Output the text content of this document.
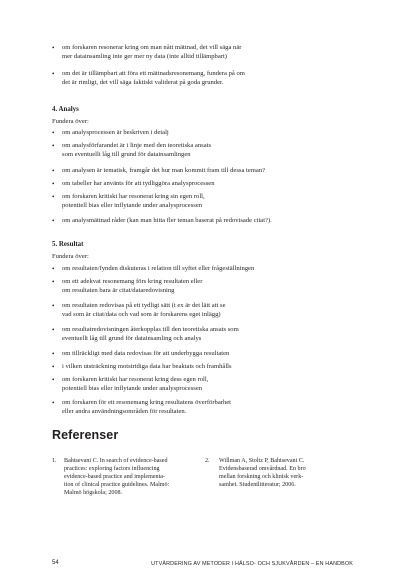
• om forskaren resonerar kring om man nått mättnad, det vill säga när
mer datainsamling inte ger mer ny data (inte alltid tillämpbart)
• om det är tillämpbart att föra ett mättnadsresonemang, fundera på om
det är rimligt, det vill säga faktiskt validerat på goda grunder.
4. Analys
Fundera över:
• om analysprocessen är beskriven i detalj
• om analysförfarandet är i linje med den teoretiska ansats
som eventuellt låg till grund för datainsamlingen
• om analysen är tematisk, framgår det hur man kommit fram till dessa teman?
• om tabeller har använts för att tydliggöra analysprocessen
• om forskaren kritiskt har resonerat kring sin egen roll,
potentiell bias eller inflytande under analysprocessen
• om analysmättnad råder (kan man hitta fler teman baserat på redovisade citat?).
5. Resultat
Fundera över:
• om resultaten/fynden diskuteras i relation till syftet eller frågeställningen
• om ett adekvat resonemang förs kring resultaten eller
om resultaten bara är citat/dataredovisning
• om resultaten redovisas på ett tydligt sätt (t ex är det lätt att se
vad som är citat/data och vad som är forskarens eget inlägg)
• om resultatredovisningen återkopplas till den teoretiska ansats som
eventuellt låg till grund för datainsamling och analys
• om tillräckligt med data redovisas för att underbygga resultaten
• i vilken utsträckning motstridiga data har beaktats och framhålls
• om forskaren kritiskt har resonerat kring dess egen roll,
potentiell bias eller inflytande under analysprocessen
• om forskaren för ett resonemang kring resultatens överförbarhet
eller andra användningsområden för resultaten.
Referenser
1. Bahtsevani C. In search of evidence-based
practices: exploring factors influencing
evidence-based practice and implementa-
tion of clinical practice guidelines. Malmö:
Malmö högskola; 2008.
2. Willman A, Stoltz P, Bahtsevani C.
Evidensbaserad omvårdnad. En bro
mellan forskning och klinisk verk-
samhet. Studentlitteratur; 2006.
54	UTVÄRDERING AV METODER I HÄLSO- OCH SJUKVÅRDEN – EN HANDBOK
